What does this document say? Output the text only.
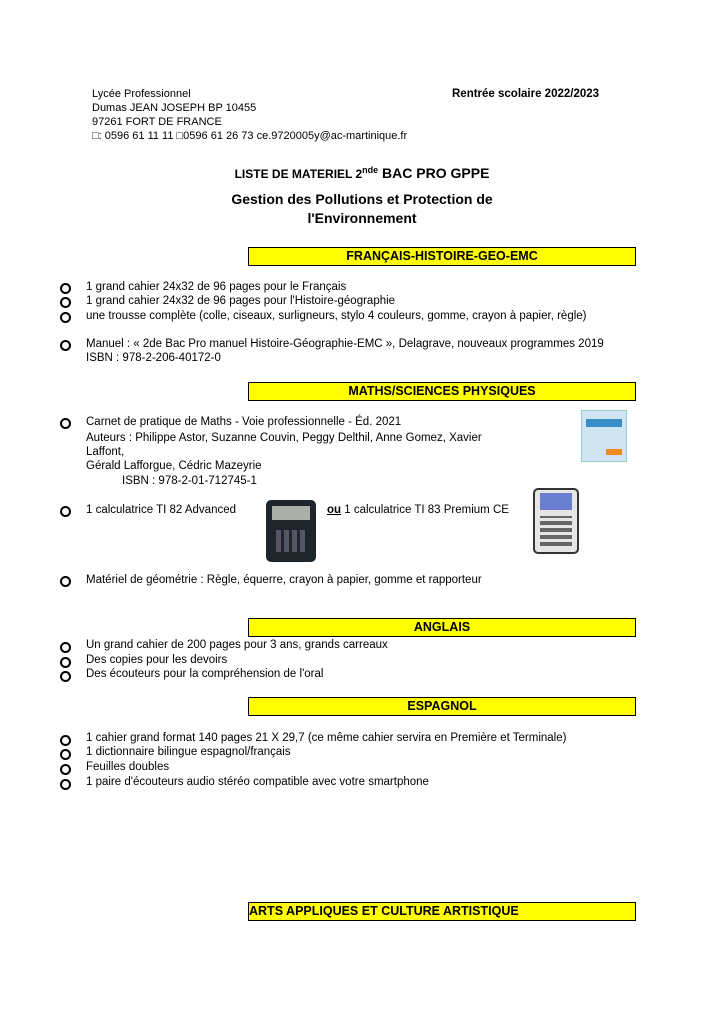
Lycée Professionnel
Dumas JEAN JOSEPH BP 10455
97261 FORT DE FRANCE
□: 0596 61 11 11 □0596 61 26 73 ce.9720005y@ac-martinique.fr
Rentrée scolaire 2022/2023
LISTE DE MATERIEL 2nde BAC PRO GPPE
Gestion des Pollutions et Protection de
l'Environnement
FRANÇAIS-HISTOIRE-GEO-EMC
1 grand cahier 24x32 de 96 pages pour le Français
1 grand cahier 24x32 de 96 pages pour l'Histoire-géographie
une trousse complète (colle, ciseaux, surligneurs, stylo 4 couleurs, gomme, crayon à papier, règle)
Manuel : « 2de Bac Pro manuel Histoire-Géographie-EMC », Delagrave, nouveaux programmes 2019
ISBN : 978-2-206-40172-0
MATHS/SCIENCES PHYSIQUES
Carnet de pratique de Maths - Voie professionnelle - Éd. 2021
Auteurs : Philippe Astor, Suzanne Couvin, Peggy Delthil, Anne Gomez, Xavier
Laffont,
Gérald Lafforgue, Cédric Mazeyrie
ISBN : 978-2-01-712745-1
1 calculatrice TI 82 Advanced	ou 1 calculatrice TI 83 Premium CE
Matériel de géométrie : Règle, équerre, crayon à papier, gomme et rapporteur
ANGLAIS
Un grand cahier de 200 pages pour 3 ans, grands carreaux
Des copies pour les devoirs
Des écouteurs pour la compréhension de l'oral
ESPAGNOL
1 cahier grand format 140 pages 21 X 29,7 (ce même cahier servira en Première et Terminale)
1 dictionnaire bilingue espagnol/français
Feuilles doubles
1 paire d'écouteurs audio stéréo compatible avec votre smartphone
ARTS APPLIQUES ET CULTURE ARTISTIQUE
